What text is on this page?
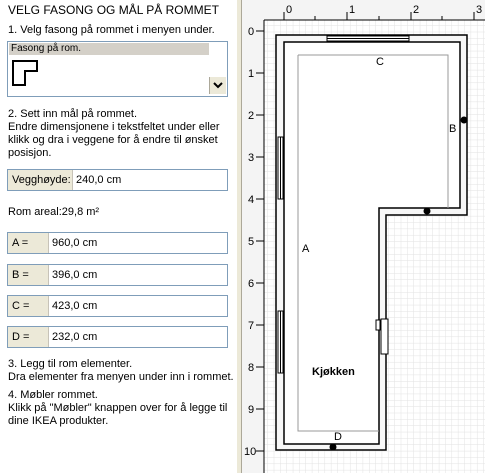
VELG FASONG OG MÅL PÅ ROMMET
1. Velg fasong på rommet i menyen under.
Fasong på rom.
2. Sett inn mål på rommet.
Endre dimensjonene i tekstfeltet under eller
klikk og dra i veggene for å endre til ønsket
posisjon.
Vegghøyde: 240,0 cm
Rom areal:29,8 m²
A =	960,0 cm
B =	396,0 cm
C =	423,0 cm
D =	232,0 cm
3. Legg til rom elementer.
Dra elementer fra menyen under inn i rommet.
4. Møbler rommet.
Klikk på "Møbler" knappen over for å legge til
dine IKEA produkter.
0	1	2	3
0
1
2
3
4
5
6
7
8
9
10
C
B
A
D
Kjøkken
